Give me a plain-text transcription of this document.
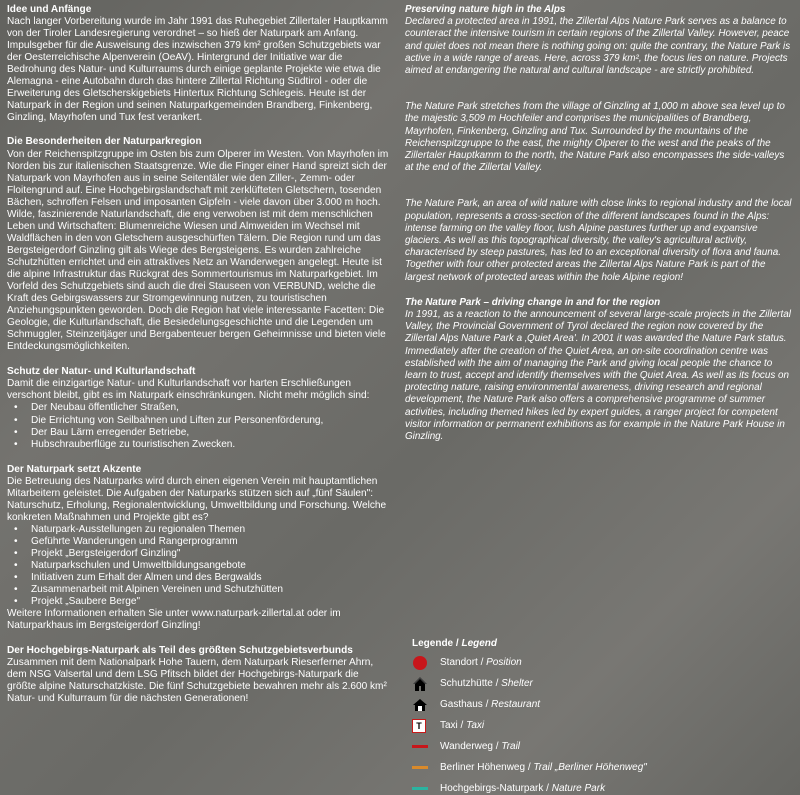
Idee und Anfänge
Nach langer Vorbereitung wurde im Jahr 1991 das Ruhegebiet Zillertaler Hauptkamm von der Tiroler Landesregierung verordnet – so hieß der Naturpark am Anfang. Impulsgeber für die Ausweisung des inzwischen 379 km² großen Schutzgebiets war der Oesterreichische Alpenverein (OeAV). Hintergrund der Initiative war die Bedrohung des Natur- und Kulturraums durch einige geplante Projekte wie etwa die Alemagna - eine Autobahn durch das hintere Zillertal Richtung Südtirol - oder die Erweiterung des Gletscherskigebiets Hintertux Richtung Schlegeis. Heute ist der Naturpark in der Region und seinen Naturparkgemeinden Brandberg, Finkenberg, Ginzling, Mayrhofen und Tux fest verankert.
Die Besonderheiten der Naturparkregion
Von der Reichenspitzgruppe im Osten bis zum Olperer im Westen. Von Mayrhofen im Norden bis zur italienischen Staatsgrenze. Wie die Finger einer Hand spreizt sich der Naturpark von Mayrhofen aus in seine Seitentäler wie den Ziller-, Zemm- oder Floitengrund auf. Eine Hochgebirgslandschaft mit zerklüfteten Gletschern, tosenden Bächen, schroffen Felsen und imposanten Gipfeln - viele davon über 3.000 m hoch. Wilde, faszinierende Naturlandschaft, die eng verwoben ist mit dem menschlichen Leben und Wirtschaften: Blumenreiche Wiesen und Almweiden im Wechsel mit Waldflächen in den von Gletschern ausgeschürften Tälern. Die Region rund um das Bergsteigerdorf Ginzling gilt als Wiege des Bergsteigens. Es wurden zahlreiche Schutzhütten errichtet und ein attraktives Netz an Wanderwegen angelegt. Heute ist die alpine Infrastruktur das Rückgrat des Sommertourismus im Naturparkgebiet. Im Vorfeld des Schutzgebiets sind auch die drei Stauseen von VERBUND, welche die Kraft des Gebirgswassers zur Stromgewinnung nutzen, zu touristischen Anziehungspunkten geworden. Doch die Region hat viele interessante Facetten: Die Geologie, die Kulturlandschaft, die Besiedelungsgeschichte und die Legenden um Schmuggler, Steinzeitjäger und Bergabenteuer bergen Geheimnisse und bieten viele Entdeckungsmöglichkeiten.
Schutz der Natur- und Kulturlandschaft
Damit die einzigartige Natur- und Kulturlandschaft vor harten Erschließungen verschont bleibt, gibt es im Naturpark einschränkungen. Nicht mehr möglich sind:
• Der Neubau öffentlicher Straßen,
• Die Errichtung von Seilbahnen und Liften zur Personenförderung,
• Der Bau Lärm erregender Betriebe,
• Hubschrauberflüge zu touristischen Zwecken.
Der Naturpark setzt Akzente
Die Betreuung des Naturparks wird durch einen eigenen Verein mit hauptamtlichen Mitarbeitern geleistet. Die Aufgaben der Naturparks stützen sich auf „fünf Säulen": Naturschutz, Erholung, Regionalentwicklung, Umweltbildung und Forschung. Welche konkreten Maßnahmen und Projekte gibt es?
• Naturpark-Ausstellungen zu regionalen Themen
• Geführte Wanderungen und Rangerprogramm
• Projekt „Bergsteigerdorf Ginzling"
• Naturparkschulen und Umweltbildungsangebote
• Initiativen zum Erhalt der Almen und des Bergwalds
• Zusammenarbeit mit Alpinen Vereinen und Schutzhütten
• Projekt „Saubere Berge"
Weitere Informationen erhalten Sie unter www.naturpark-zillertal.at oder im Naturparkhaus im Bergsteigerdorf Ginzling!
Der Hochgebirgs-Naturpark als Teil des größten Schutzgebietsverbunds
Zusammen mit dem Nationalpark Hohe Tauern, dem Naturpark Rieserferner Ahrn, dem NSG Valsertal und dem LSG Pfitsch bildet der Hochgebirgs-Naturpark die größte alpine Naturschatzkiste. Die fünf Schutzgebiete bewahren mehr als 2.600 km² Natur- und Kulturraum für die nächsten Generationen!
Preserving nature high in the Alps
Declared a protected area in 1991, the Zillertal Alps Nature Park serves as a balance to counteract the intensive tourism in certain regions of the Zillertal Valley. However, peace and quiet does not mean there is nothing going on: quite the contrary, the Nature Park is active in a wide range of areas. Here, across 379 km², the focus lies on nature. Projects aimed at endangering the natural and cultural landscape - are strictly prohibited.
The Nature Park stretches from the village of Ginzling at 1,000 m above sea level up to the majestic 3,509 m Hochfeiler and comprises the municipalities of Brandberg, Mayrhofen, Finkenberg, Ginzling and Tux. Surrounded by the mountains of the Reichenspitzgruppe to the east, the mighty Olperer to the west and the peaks of the Zillertaler Hauptkamm to the north, the Nature Park also encompasses the side-valleys at the end of the Zillertal Valley.
The Nature Park, an area of wild nature with close links to regional industry and the local population, represents a cross-section of the different landscapes found in the Alps: intense farming on the valley floor, lush Alpine pastures further up and expansive glaciers. As well as this topographical diversity, the valley's agricultural activity, characterised by steep pastures, has led to an exceptional diversity of flora and fauna. Together with four other protected areas the Zillertal Alps Nature Park is part of the largest network of protected areas within the hole Alpine region!
The Nature Park – driving change in and for the region
In 1991, as a reaction to the announcement of several large-scale projects in the Zillertal Valley, the Provincial Government of Tyrol declared the region now covered by the Zillertal Alps Nature Park a ‚Quiet Area'. In 2001 it was awarded the Nature Park status. Immediately after the creation of the Quiet Area, an on-site coordination centre was established with the aim of managing the Park and giving local people the chance to learn to trust, accept and identify themselves with the Quiet Area. As well as its focus on protecting nature, raising environmental awareness, driving research and regional development, the Nature Park also offers a comprehensive programme of summer activities, including themed hikes led by expert guides, a ranger project for competent visitor information or permanent exhibitions as for example in the Nature Park House in Ginzling.
Legende / Legend
Standort / Position
Schutzhütte / Shelter
Gasthaus / Restaurant
T Taxi / Taxi
Wanderweg / Trail
Berliner Höhenweg / Trail „Berliner Höhenweg"
Hochgebirgs-Naturpark / Nature Park
